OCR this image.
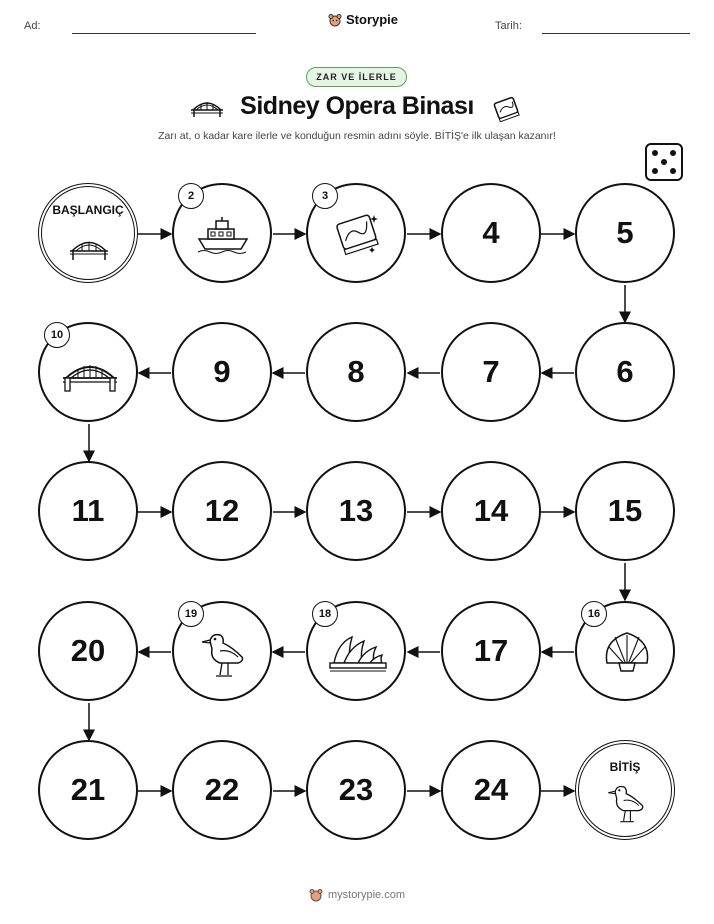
Ad:	Storypie	Tarih:
ZAR VE İLERLE
Sidney Opera Binası
Zarı at, o kadar kare ilerle ve konduğun resmin adını söyle. BİTİŞ'e ilk ulaşan kazanır!
BAŞLANGIÇ
2	3
4	5
10
9	8	7	6
11	12	13	14	15
20
19	18
17
16
21	22	23	24
BİTİŞ
mystorypie.com
